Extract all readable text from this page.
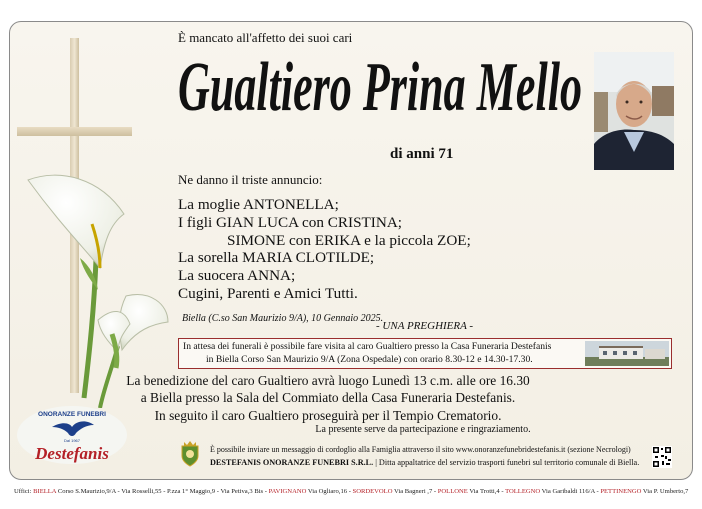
È mancato all'affetto dei suoi cari
Gualtiero Prina Mello
di anni 71
Ne danno il triste annuncio:
La moglie ANTONELLA;
I figli GIAN LUCA con CRISTINA;
SIMONE con ERIKA e la piccola ZOE;
La sorella MARIA CLOTILDE;
La suocera ANNA;
Cugini, Parenti e Amici Tutti.
Biella (C.so San Maurizio 9/A), 10 Gennaio 2025.
- UNA PREGHIERA -
In attesa dei funerali è possibile fare visita al caro Gualtiero presso la Casa Funeraria Destefanis
in Biella Corso San Maurizio 9/A (Zona Ospedale) con orario 8.30-12 e 14.30-17.30.
La benedizione del caro Gualtiero avrà luogo Lunedì 13 c.m. alle ore 16.30
a Biella presso la Sala del Commiato della Casa Funeraria Destefanis.
In seguito il caro Gualtiero proseguirà per il Tempio Crematorio.
La presente serve da partecipazione e ringraziamento.
ONORANZE FUNEBRI
Dal 1967
Destefanis	È possibile inviare un messaggio di cordoglio alla Famiglia attraverso il sito www.onoranzefunebridestefanis.it (sezione Necrologi)
DESTEFANIS ONORANZE FUNEBRI S.R.L. | Ditta appaltatrice del servizio trasporti funebri sul territorio comunale di Biella.
Uffici: BIELLA Corso S.Maurizio,9/A - Via Rosselli,55 - P.zza 1° Maggio,9 - Via Petiva,3 Bis - PAVIGNANO Via Ogliaro,16 - SORDEVOLO Via Bagneri ,7 - POLLONE Via Trotti,4 - TOLLEGNO Via Garibaldi 116/A - PETTINENGO Via P. Umberto,7
